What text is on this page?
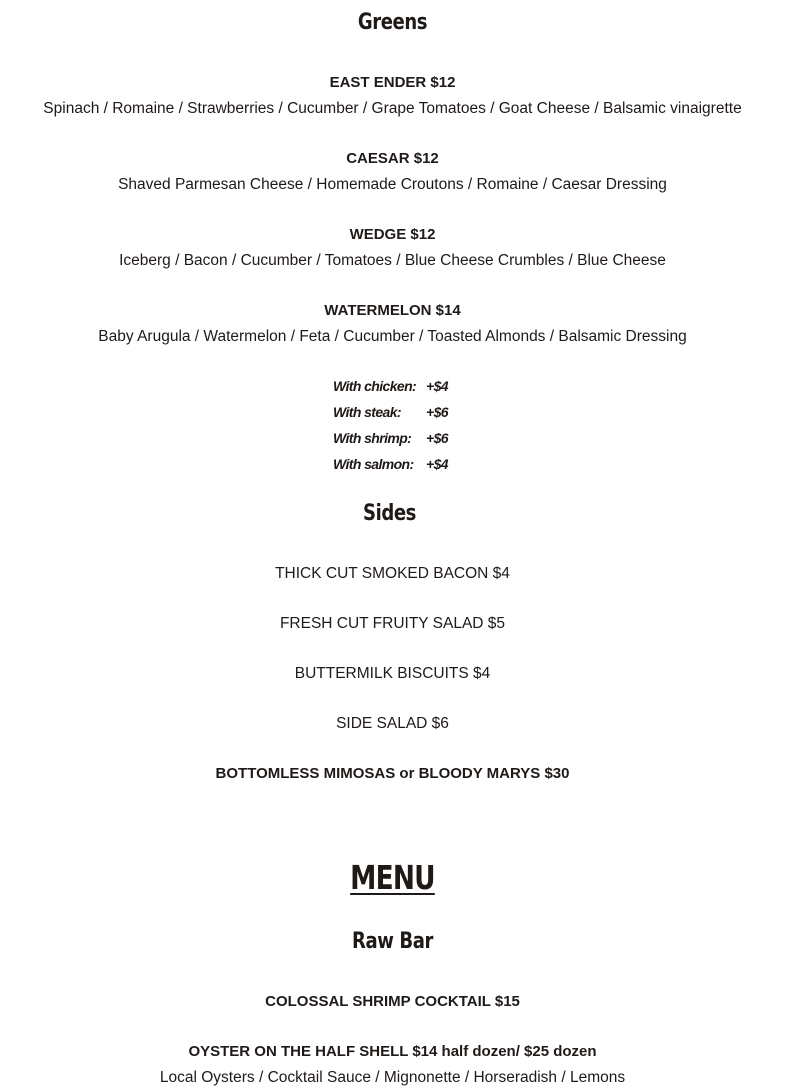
Greens
EAST ENDER $12
Spinach / Romaine / Strawberries / Cucumber / Grape Tomatoes / Goat Cheese / Balsamic vinaigrette
CAESAR $12
Shaved Parmesan Cheese / Homemade Croutons / Romaine / Caesar Dressing
WEDGE $12
Iceberg / Bacon / Cucumber / Tomatoes / Blue Cheese Crumbles / Blue Cheese
WATERMELON $14
Baby Arugula / Watermelon / Feta / Cucumber / Toasted Almonds / Balsamic Dressing
With chicken: +$4
With steak: +$6
With shrimp: +$6
With salmon: +$4
Sides
THICK CUT SMOKED BACON $4
FRESH CUT FRUITY SALAD $5
BUTTERMILK BISCUITS $4
SIDE SALAD $6
BOTTOMLESS MIMOSAS or BLOODY MARYS $30
MENU
Raw Bar
COLOSSAL SHRIMP COCKTAIL $15
OYSTER ON THE HALF SHELL $14 half dozen/ $25 dozen
Local Oysters / Cocktail Sauce / Mignonette / Horseradish / Lemons
